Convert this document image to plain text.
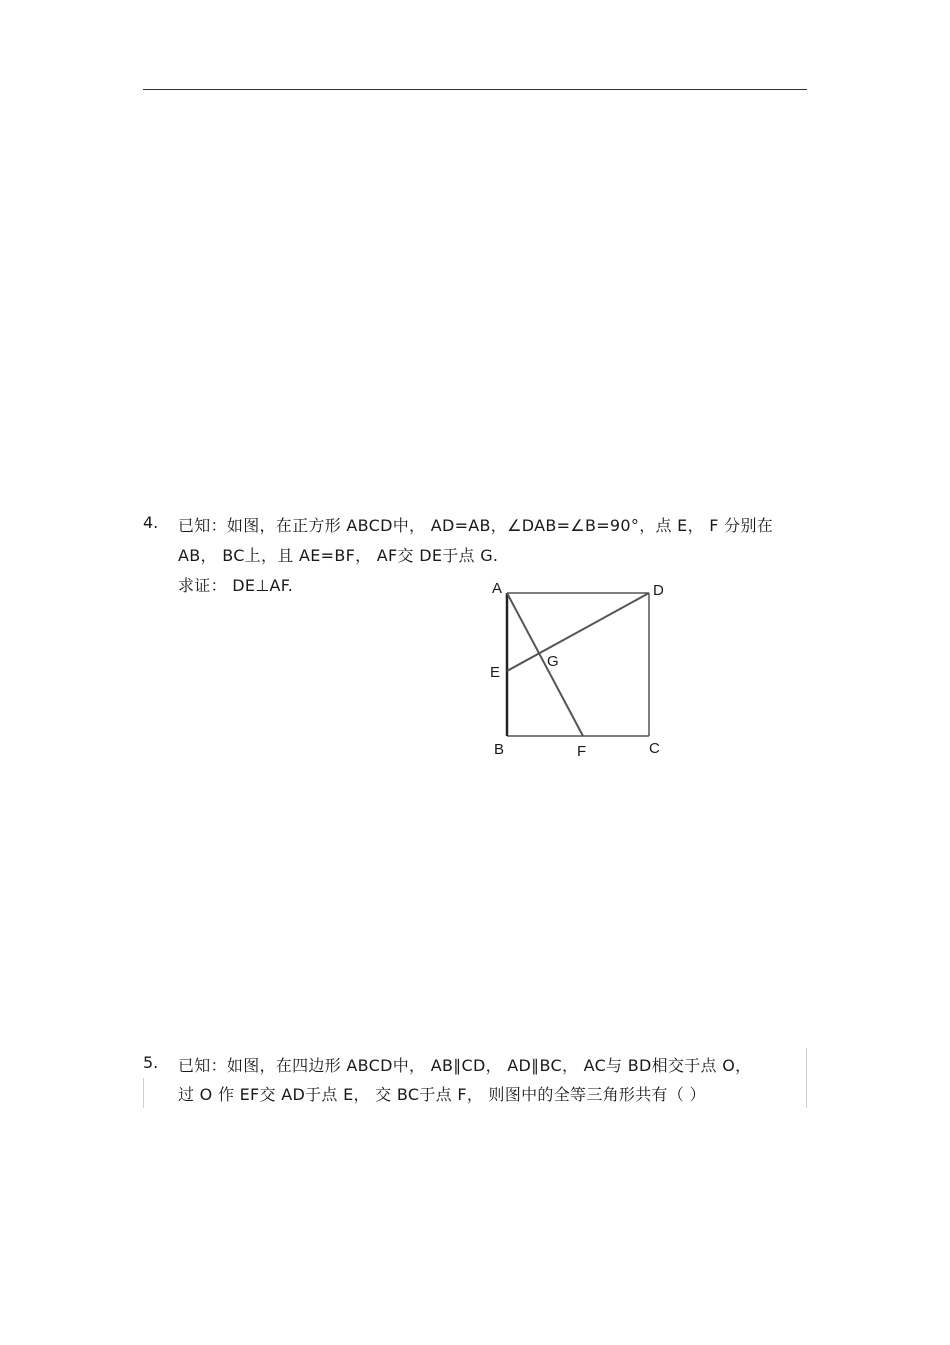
4. 已知：如图，在正方形 ABCD中， AD=AB，∠DAB=∠B=90°，点 E， F 分别在
AB， BC上，且 AE=BF， AF交 DE于点 G.
求证： DE⊥AF.	A	D
E
G
B	F	C
5. 已知：如图，在四边形 ABCD中， AB∥CD， AD∥BC， AC与 BD相交于点 O，
过 O 作 EF交 AD于点 E， 交 BC于点 F， 则图中的全等三角形共有（ ）
